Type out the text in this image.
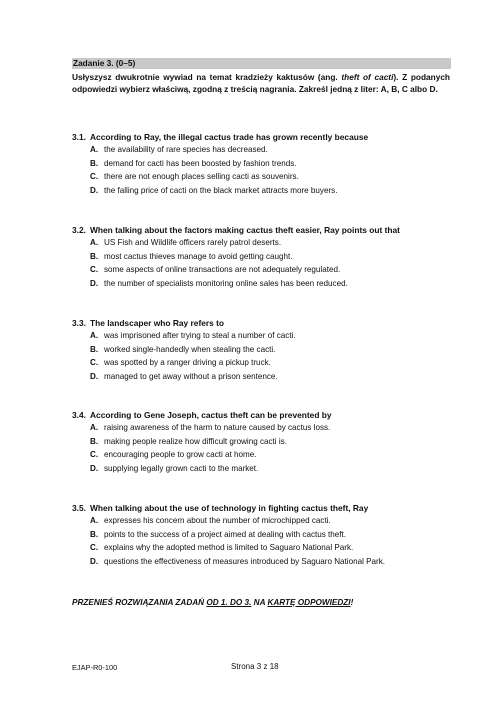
Zadanie 3. (0–5)
Usłyszysz dwukrotnie wywiad na temat kradzieży kaktusów (ang. theft of cacti). Z podanych odpowiedzi wybierz właściwą, zgodną z treścią nagrania. Zakreśl jedną z liter: A, B, C albo D.
3.1. According to Ray, the illegal cactus trade has grown recently because
A. the availability of rare species has decreased.
B. demand for cacti has been boosted by fashion trends.
C. there are not enough places selling cacti as souvenirs.
D. the falling price of cacti on the black market attracts more buyers.
3.2. When talking about the factors making cactus theft easier, Ray points out that
A. US Fish and Wildlife officers rarely patrol deserts.
B. most cactus thieves manage to avoid getting caught.
C. some aspects of online transactions are not adequately regulated.
D. the number of specialists monitoring online sales has been reduced.
3.3. The landscaper who Ray refers to
A. was imprisoned after trying to steal a number of cacti.
B. worked single-handedly when stealing the cacti.
C. was spotted by a ranger driving a pickup truck.
D. managed to get away without a prison sentence.
3.4. According to Gene Joseph, cactus theft can be prevented by
A. raising awareness of the harm to nature caused by cactus loss.
B. making people realize how difficult growing cacti is.
C. encouraging people to grow cacti at home.
D. supplying legally grown cacti to the market.
3.5. When talking about the use of technology in fighting cactus theft, Ray
A. expresses his concern about the number of microchipped cacti.
B. points to the success of a project aimed at dealing with cactus theft.
C. explains why the adopted method is limited to Saguaro National Park.
D. questions the effectiveness of measures introduced by Saguaro National Park.
PRZENIEŚ ROZWIĄZANIA ZADAŃ OD 1. DO 3. NA KARTĘ ODPOWIEDZI!
EJAP-R0-100	Strona 3 z 18
